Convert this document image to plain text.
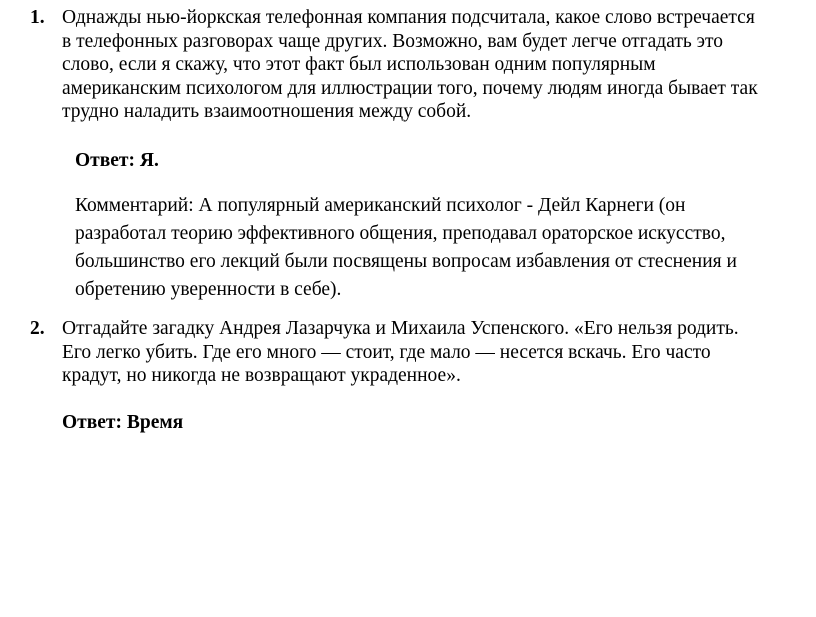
1. Однажды нью-йоркская телефонная компания подсчитала, какое слово встречается
в телефонных разговорах чаще других. Возможно, вам будет легче отгадать это
слово, если я скажу, что этот факт был использован одним популярным
американским психологом для иллюстрации того, почему людям иногда бывает так
трудно наладить взаимоотношения между собой.
Ответ: Я.
Комментарий: А популярный американский психолог - Дейл Карнеги (он
разработал теорию эффективного общения, преподавал ораторское искусство,
большинство его лекций были посвящены вопросам избавления от стеснения и
обретению уверенности в себе).
2. Отгадайте загадку Андрея Лазарчука и Михаила Успенского. «Его нельзя родить.
Его легко убить. Где его много — стоит, где мало — несется вскачь. Его часто
крадут, но никогда не возвращают украденное».
Ответ: Время
